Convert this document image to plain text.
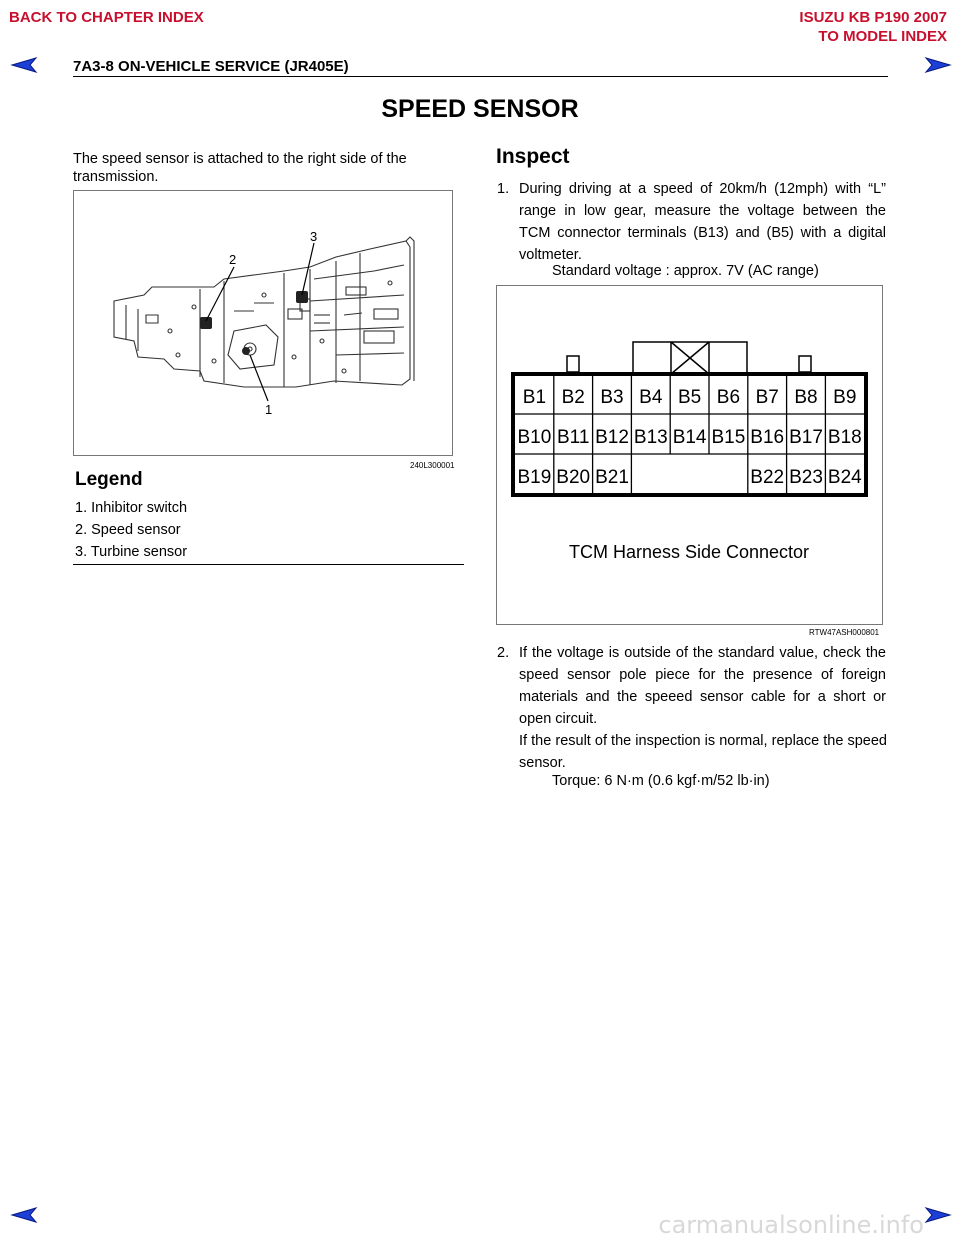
BACK TO CHAPTER INDEX	ISUZU KB P190 2007
TO MODEL INDEX
7A3-8 ON-VEHICLE SERVICE (JR405E)
SPEED SENSOR
The speed sensor is attached to the right side of the transmission.
2
3
1
240L300001
Legend
1. Inhibitor switch
2. Speed sensor
3. Turbine sensor
Inspect
1. During driving at a speed of 20km/h (12mph) with “L” range in low gear, measure the voltage between the TCM connector terminals (B13) and (B5) with a digital voltmeter.
Standard voltage : approx. 7V (AC range)
B1 B2 B3 B4 B5 B6 B7 B8 B9
B10 B11 B12 B13 B14 B15 B16 B17 B18
B19 B20 B21	B22 B23 B24
TCM Harness Side Connector
RTW47ASH000801
2. If the voltage is outside of the standard value, check the speed sensor pole piece for the presence of foreign materials and the speeed sensor cable for a short or open circuit.
If the result of the inspection is normal, replace the speed sensor.
Torque: 6 N·m (0.6 kgf·m/52 lb·in)
carmanualsonline.info
